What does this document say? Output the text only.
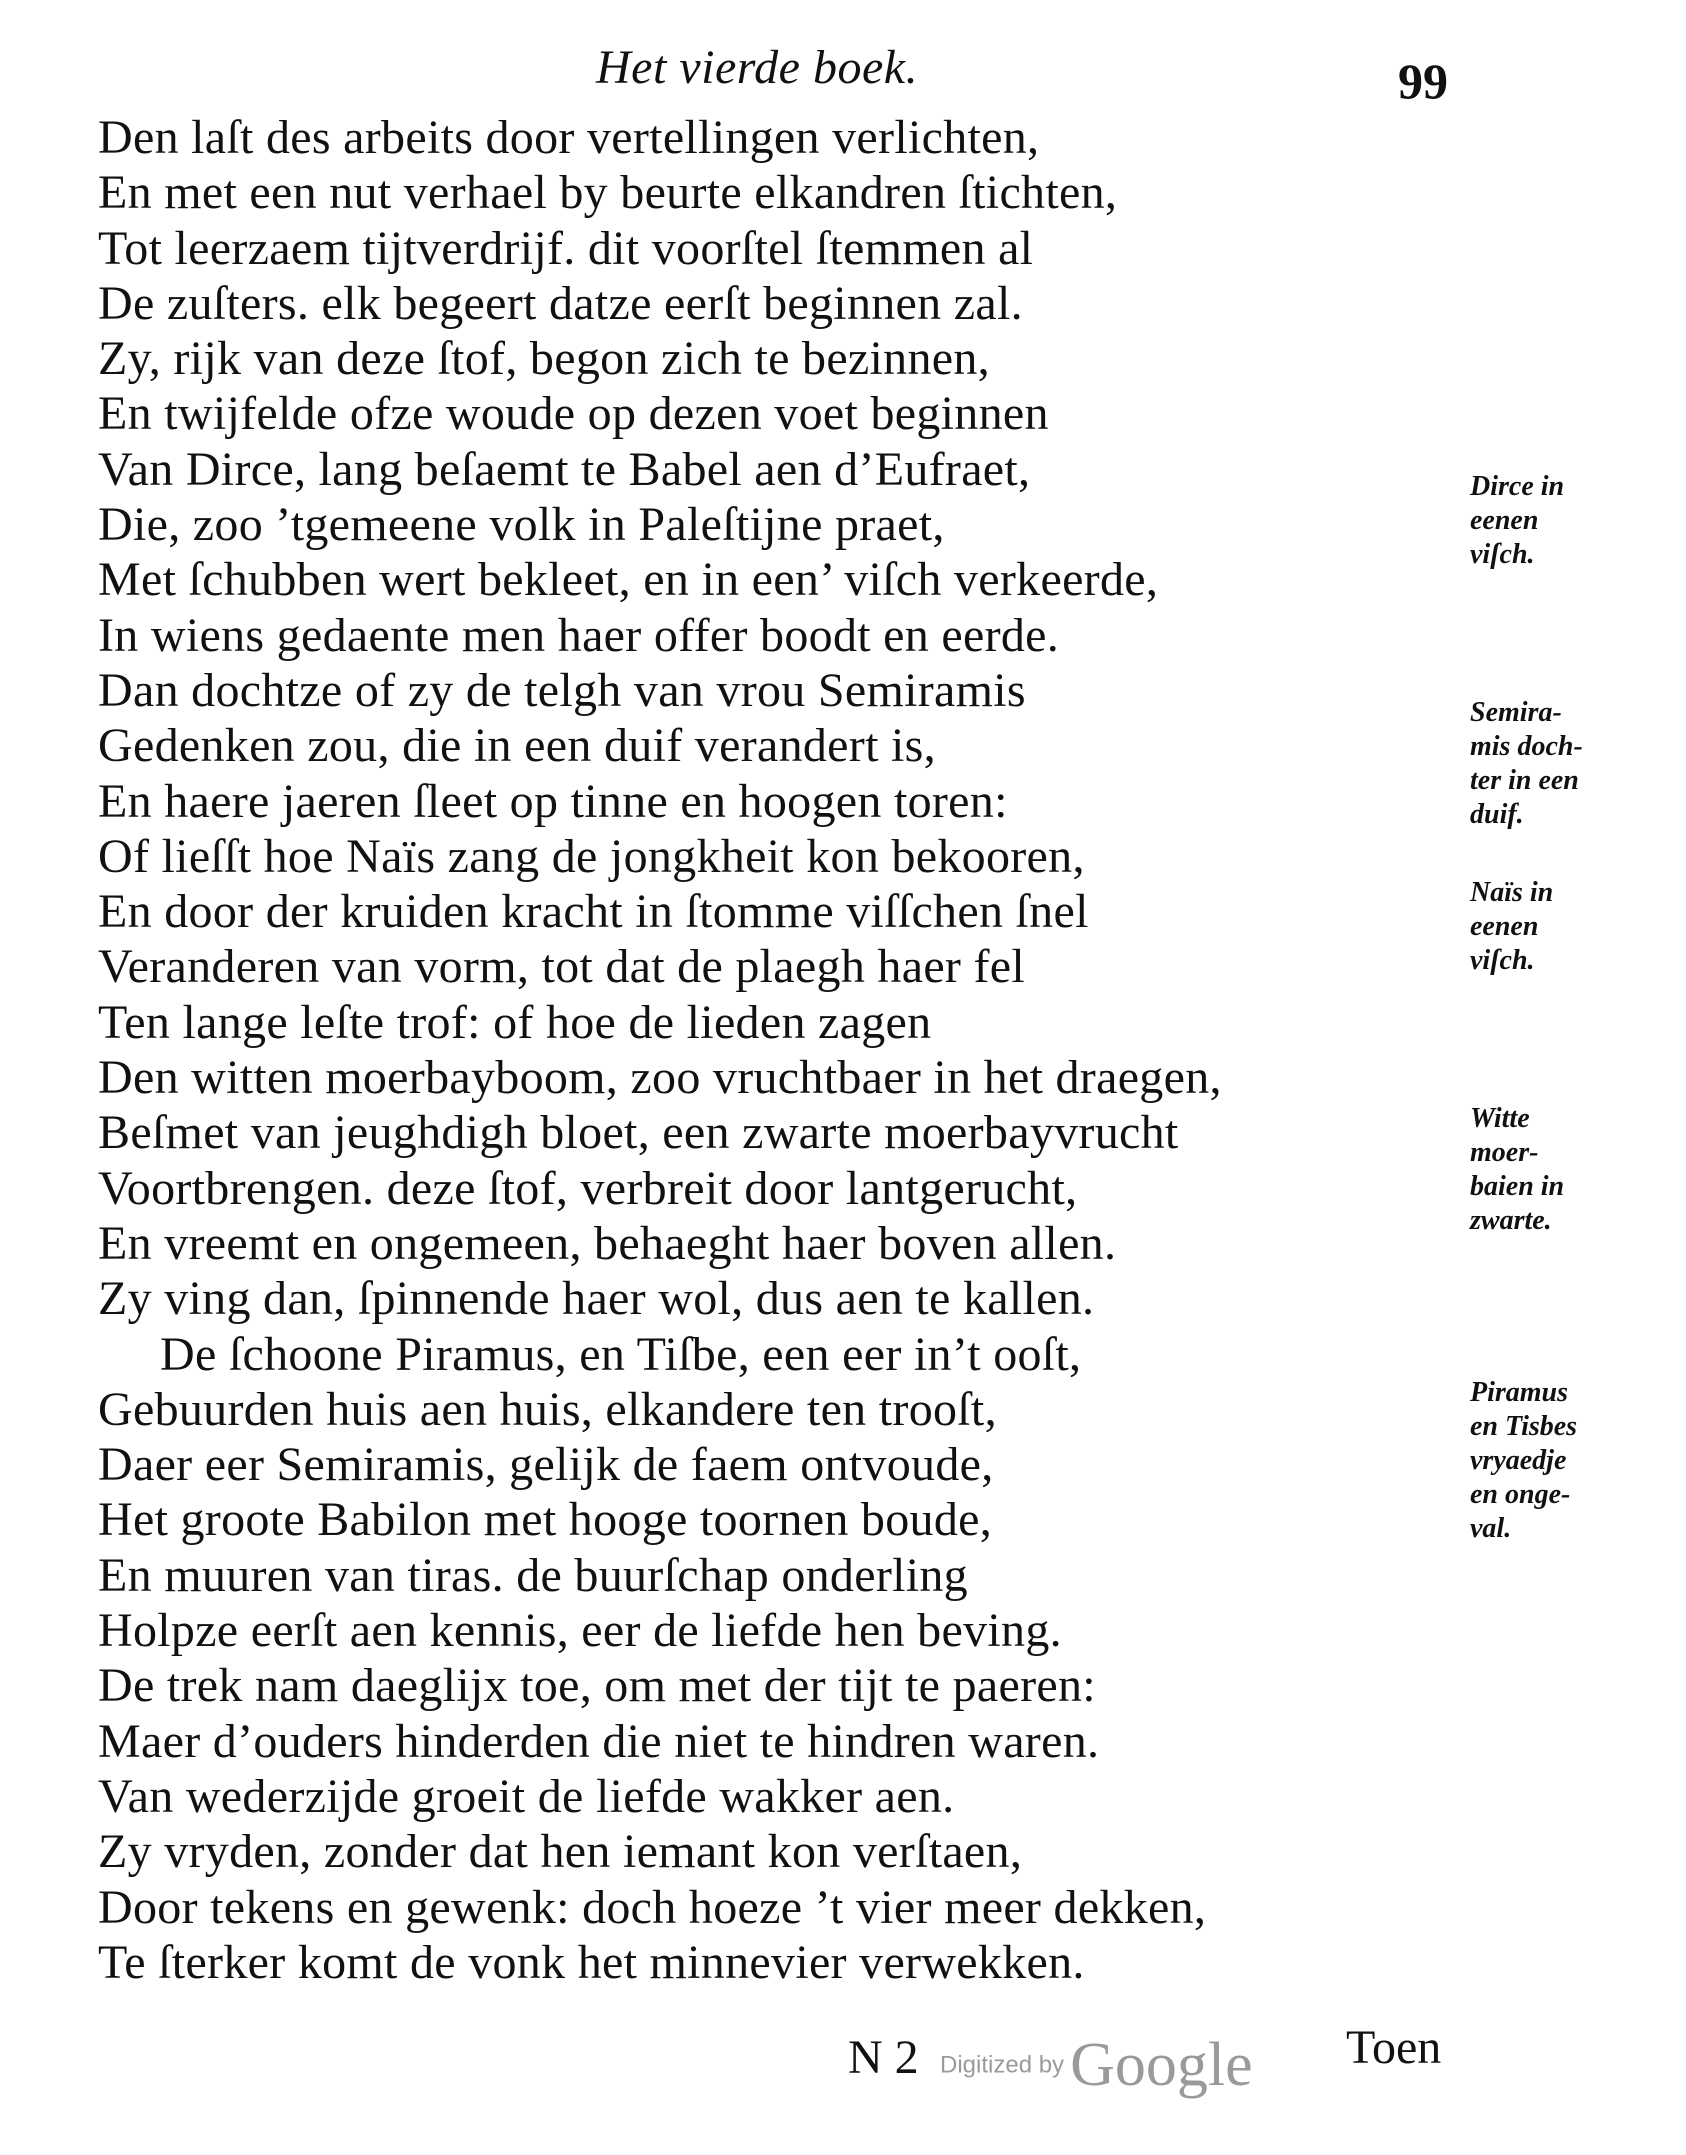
Het vierde boek.	99
Den laſt des arbeits door vertellingen verlichten,
En met een nut verhael by beurte elkandren ſtichten,
Tot leerzaem tijtverdrijf. dit voorſtel ſtemmen al
De zuſters. elk begeert datze eerſt beginnen zal.
Zy, rijk van deze ſtof, begon zich te bezinnen,
En twijfelde ofze woude op dezen voet beginnen
Van Dirce, lang beſaemt te Babel aen d’Eufraet,
Die, zoo ’tgemeene volk in Paleſtijne praet,
Met ſchubben wert bekleet, en in een’ viſch verkeerde,
In wiens gedaente men haer offer boodt en eerde.
Dan dochtze of zy de telgh van vrou Semiramis
Gedenken zou, die in een duif verandert is,
En haere jaeren ſleet op tinne en hoogen toren:
Of lieſſt hoe Naïs zang de jongkheit kon bekooren,
En door der kruiden kracht in ſtomme viſſchen ſnel
Veranderen van vorm, tot dat de plaegh haer fel
Ten lange leſte trof: of hoe de lieden zagen
Den witten moerbayboom, zoo vruchtbaer in het draegen,
Beſmet van jeughdigh bloet, een zwarte moerbayvrucht
Voortbrengen. deze ſtof, verbreit door lantgerucht,
En vreemt en ongemeen, behaeght haer boven allen.
Zy ving dan, ſpinnende haer wol, dus aen te kallen.
De ſchoone Piramus, en Tiſbe, een eer in’t ooſt,
Gebuurden huis aen huis, elkandere ten trooſt,
Daer eer Semiramis, gelijk de faem ontvoude,
Het groote Babilon met hooge toornen boude,
En muuren van tiras. de buurſchap onderling
Holpze eerſt aen kennis, eer de liefde hen beving.
De trek nam daeglijx toe, om met der tijt te paeren:
Maer d’ouders hinderden die niet te hindren waren.
Van wederzijde groeit de liefde wakker aen.
Zy vryden, zonder dat hen iemant kon verſtaen,
Door tekens en gewenk: doch hoeze ’t vier meer dekken,
Te ſterker komt de vonk het minnevier verwekken.
Dirce in
eenen
viſch.
Semira-
mis doch-
ter in een
duif.
Naïs in
eenen
viſch.
Witte
moer-
baien in
zwarte.
Piramus
en Tisbes
vryaedje
en onge-
val.
N 2 Digitized byGoogle Toen
